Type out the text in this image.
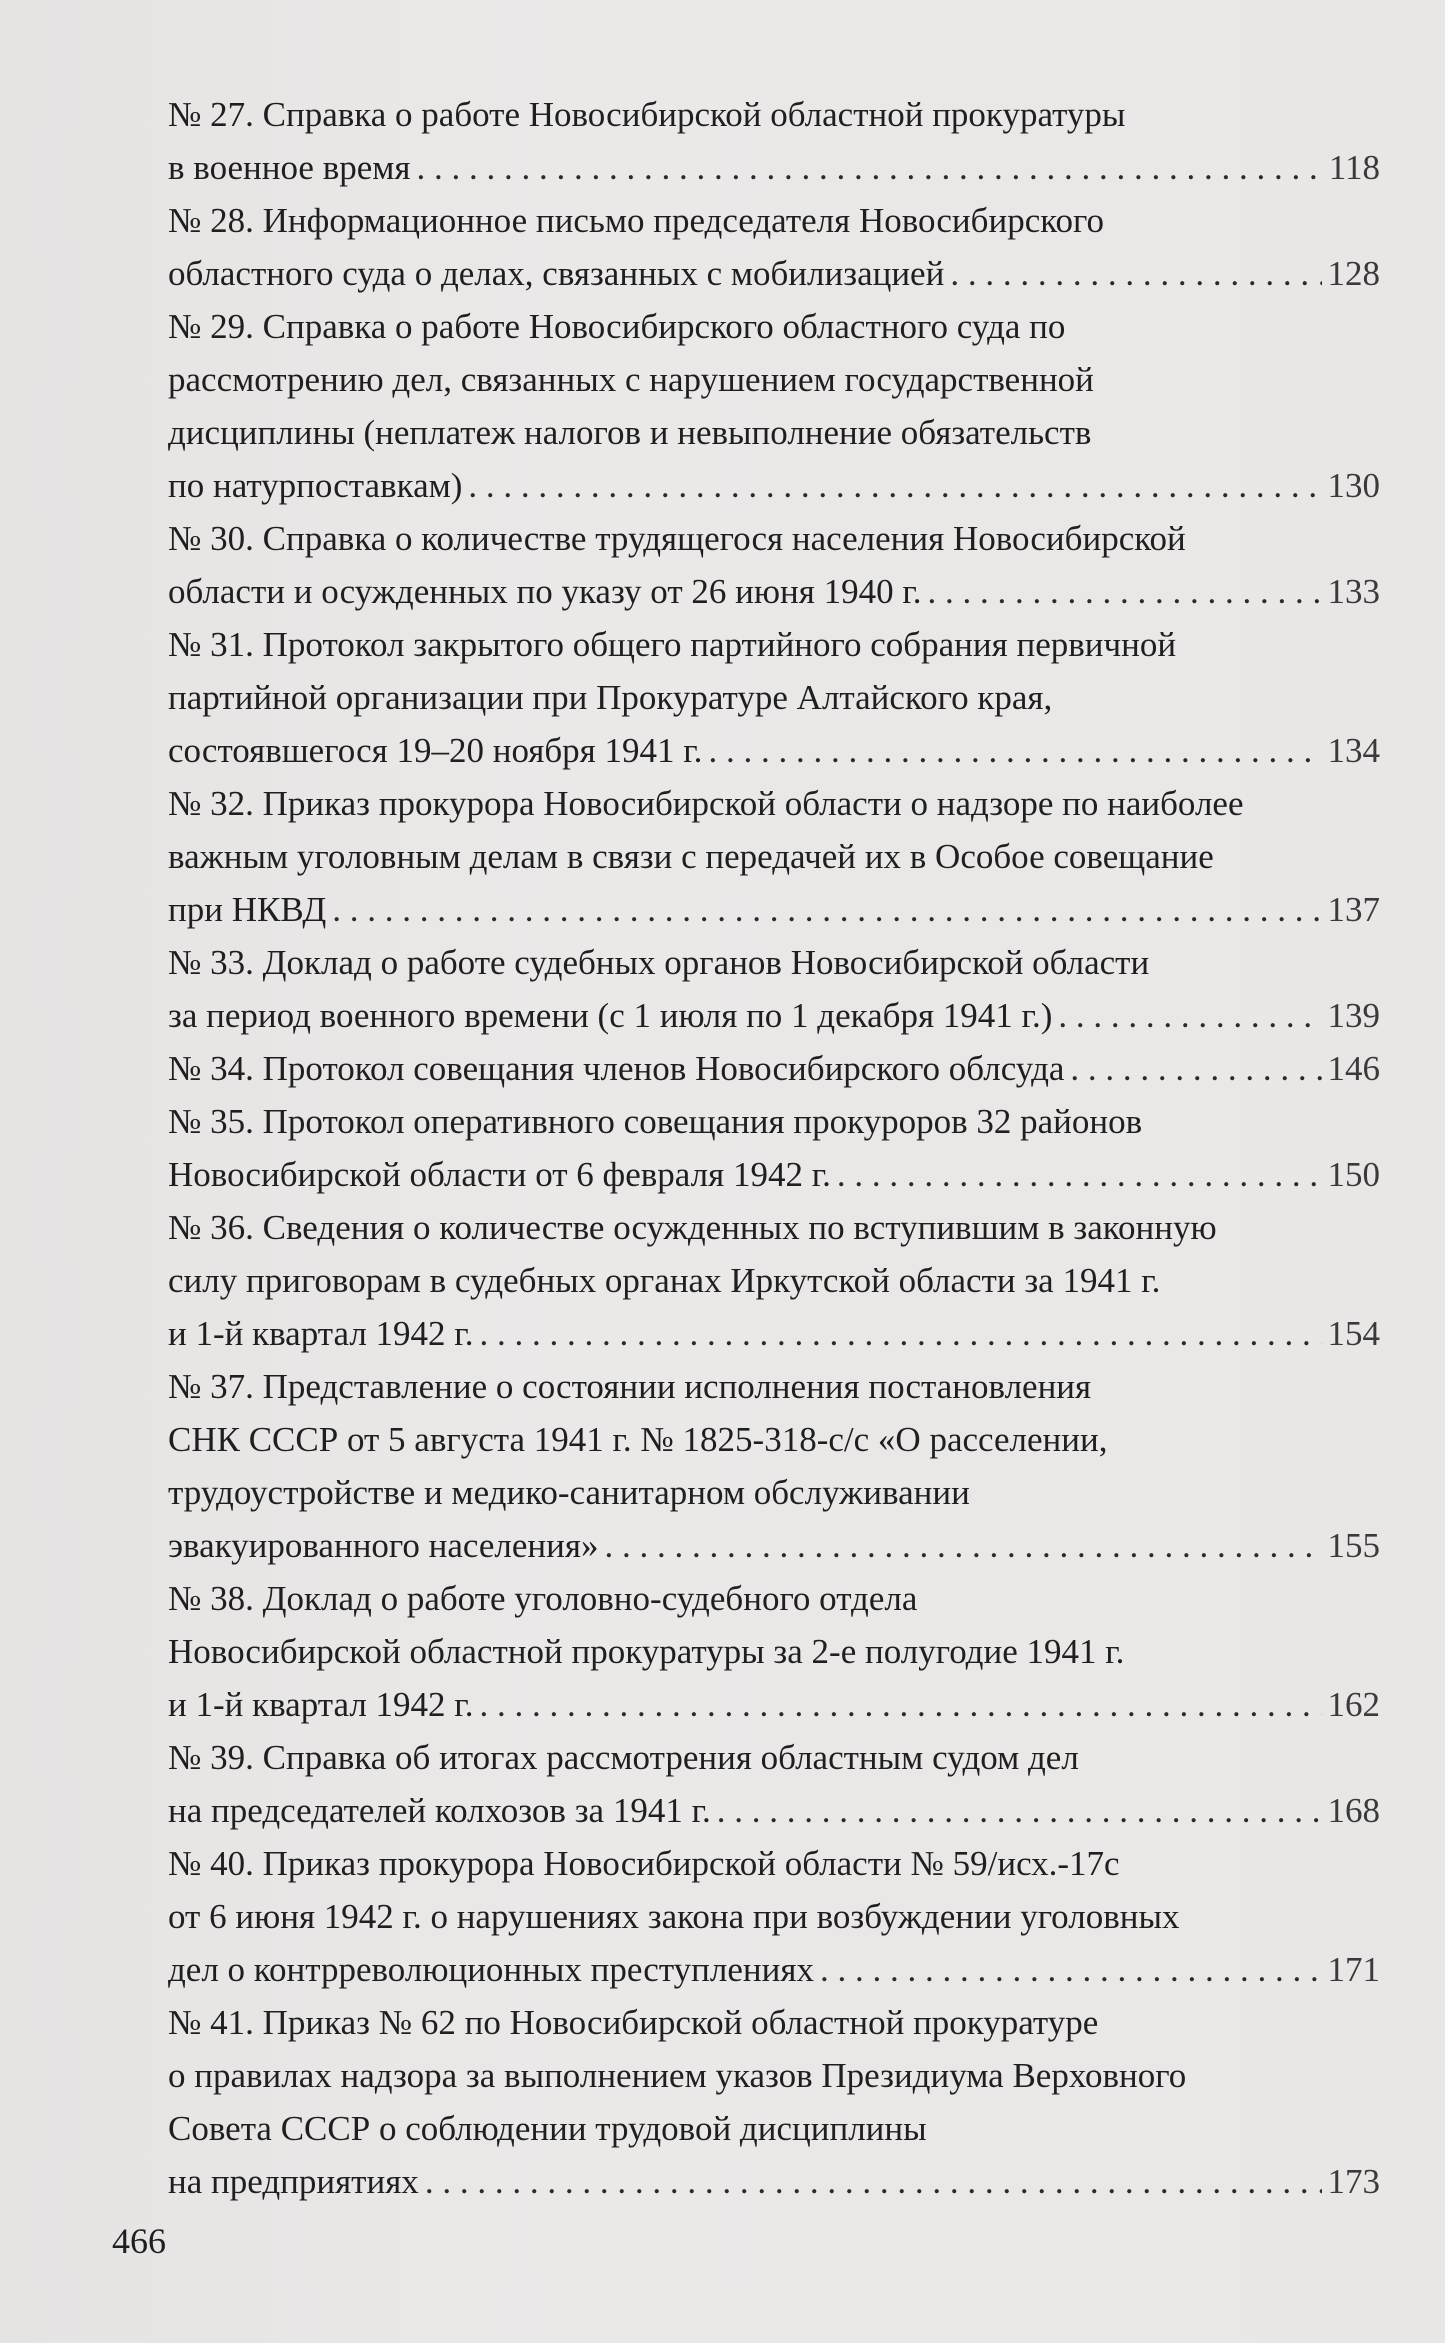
№ 27. Справка о работе Новосибирской областной прокуратуры
в военное время . . .	118
№ 28. Информационное письмо председателя Новосибирского
областного суда о делах, связанных с мобилизацией . . .	128
№ 29. Справка о работе Новосибирского областного суда по
рассмотрению дел, связанных с нарушением государственной
дисциплины (неплатеж налогов и невыполнение обязательств
по натурпоставкам) . . .	130
№ 30. Справка о количестве трудящегося населения Новосибирской
области и осужденных по указу от 26 июня 1940 г. . . .	133
№ 31. Протокол закрытого общего партийного собрания первичной
партийной организации при Прокуратуре Алтайского края,
состоявшегося 19–20 ноября 1941 г. . . .	134
№ 32. Приказ прокурора Новосибирской области о надзоре по наиболее
важным уголовным делам в связи с передачей их в Особое совещание
при НКВД . . .	137
№ 33. Доклад о работе судебных органов Новосибирской области
за период военного времени (с 1 июля по 1 декабря 1941 г.) . . .	139
№ 34. Протокол совещания членов Новосибирского облсуда . . .	146
№ 35. Протокол оперативного совещания прокуроров 32 районов
Новосибирской области от 6 февраля 1942 г. . . .	150
№ 36. Сведения о количестве осужденных по вступившим в законную
силу приговорам в судебных органах Иркутской области за 1941 г.
и 1-й квартал 1942 г. . . .	154
№ 37. Представление о состоянии исполнения постановления
СНК СССР от 5 августа 1941 г. № 1825-318-с/с «О расселении,
трудоустройстве и медико-санитарном обслуживании
эвакуированного населения» . . .	155
№ 38. Доклад о работе уголовно-судебного отдела
Новосибирской областной прокуратуры за 2-е полугодие 1941 г.
и 1-й квартал 1942 г. . . .	162
№ 39. Справка об итогах рассмотрения областным судом дел
на председателей колхозов за 1941 г. . . .	168
№ 40. Приказ прокурора Новосибирской области № 59/исх.-17с
от 6 июня 1942 г. о нарушениях закона при возбуждении уголовных
дел о контрреволюционных преступлениях . . .	171
№ 41. Приказ № 62 по Новосибирской областной прокуратуре
о правилах надзора за выполнением указов Президиума Верховного
Совета СССР о соблюдении трудовой дисциплины
на предприятиях . . .	173
466
